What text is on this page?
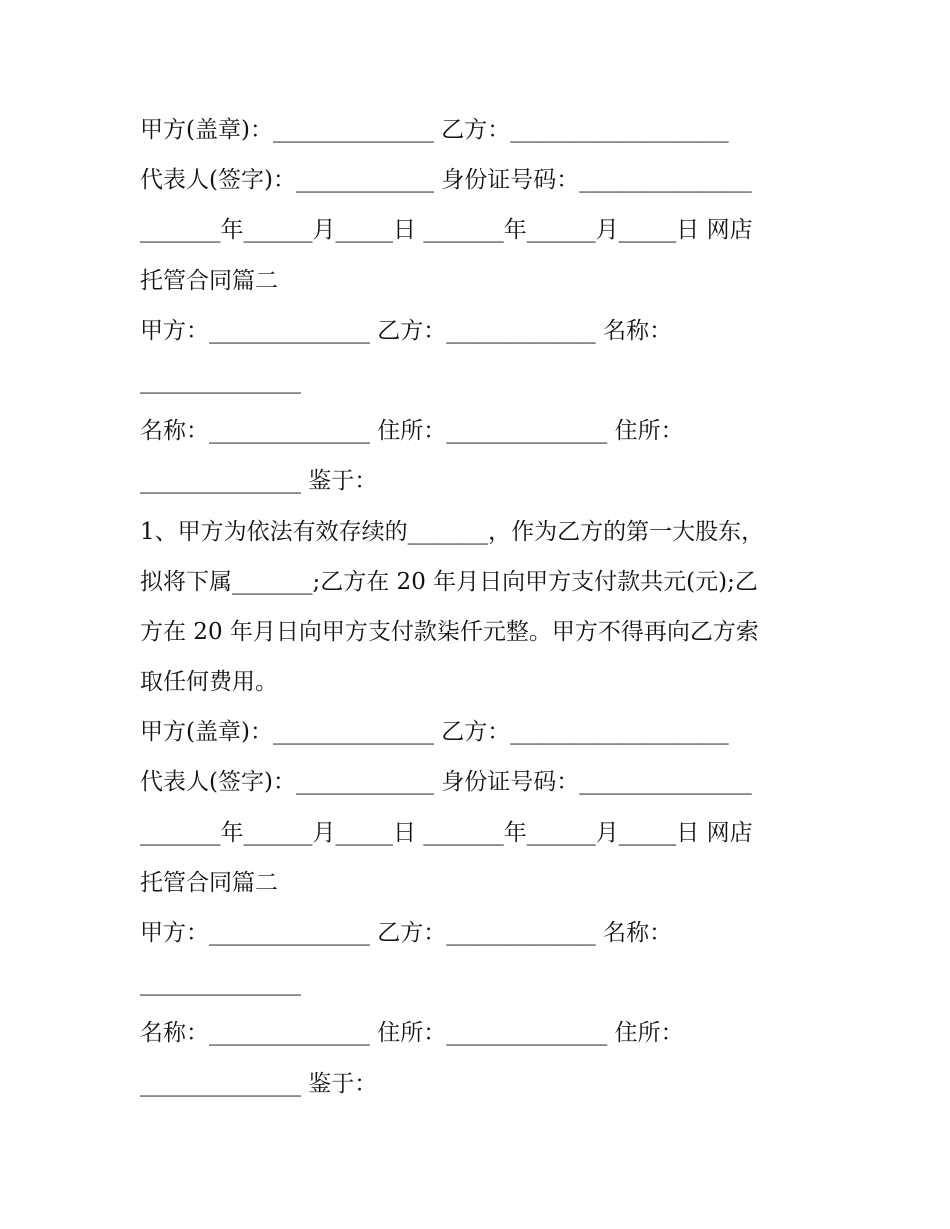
甲方(盖章)：______________ 乙方：___________________
代表人(签字)：____________ 身份证号码：_______________
_______年______月_____日 _______年______月_____日 网店
托管合同篇二
甲方：______________ 乙方：_____________ 名称：
______________
名称：______________ 住所：______________ 住所：
______________ 鉴于：
1、甲方为依法有效存续的_______，作为乙方的第一大股东，
拟将下属_______;乙方在 20 年月日向甲方支付款共元(元);乙
方在 20 年月日向甲方支付款柒仟元整。甲方不得再向乙方索
取任何费用。
甲方(盖章)：______________ 乙方：___________________
代表人(签字)：____________ 身份证号码：_______________
_______年______月_____日 _______年______月_____日 网店
托管合同篇二
甲方：______________ 乙方：_____________ 名称：
______________
名称：______________ 住所：______________ 住所：
______________ 鉴于：
